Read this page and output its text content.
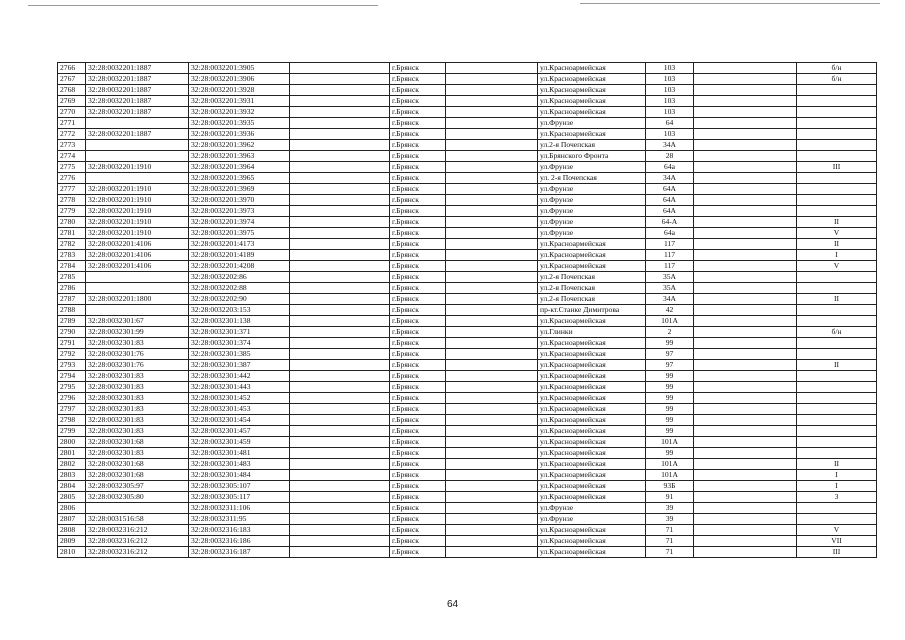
2766	32:28:0032201:1887	32:28:0032201:3905		г.Брянск		ул.Красноармейская	103		б/н
2767	32:28:0032201:1887	32:28:0032201:3906		г.Брянск		ул.Красноармейская	103		б/н
2768	32:28:0032201:1887	32:28:0032201:3928		г.Брянск		ул.Красноармейская	103		
2769	32:28:0032201:1887	32:28:0032201:3931		г.Брянск		ул.Красноармейская	103		
2770	32:28:0032201:1887	32:28:0032201:3932		г.Брянск		ул.Красноармейская	103		
2771		32:28:0032201:3935		г.Брянск		ул.Фрунзе	64		
2772	32:28:0032201:1887	32:28:0032201:3936		г.Брянск		ул.Красноармейская	103		
2773		32:28:0032201:3962		г.Брянск		ул.2-я Почепская	34А		
2774		32:28:0032201:3963		г.Брянск		ул.Брянского Фронта	28		
2775	32:28:0032201:1910	32:28:0032201:3964		г.Брянск		ул.Фрунзе	64а		III
2776		32:28:0032201:3965		г.Брянск		ул. 2-я Почепская	34А		
2777	32:28:0032201:1910	32:28:0032201:3969		г.Брянск		ул.Фрунзе	64А		
2778	32:28:0032201:1910	32:28:0032201:3970		г.Брянск		ул.Фрунзе	64А		
2779	32:28:0032201:1910	32:28:0032201:3973		г.Брянск		ул.Фрунзе	64А		
2780	32:28:0032201:1910	32:28:0032201:3974		г.Брянск		ул.Фрунзе	64-А		II
2781	32:28:0032201:1910	32:28:0032201:3975		г.Брянск		ул.Фрунзе	64а		V
2782	32:28:0032201:4106	32:28:0032201:4173		г.Брянск		ул.Красноармейская	117		II
2783	32:28:0032201:4106	32:28:0032201:4189		г.Брянск		ул.Красноармейская	117		I
2784	32:28:0032201:4106	32:28:0032201:4208		г.Брянск		ул.Красноармейская	117		V
2785		32:28:0032202:86		г.Брянск		ул.2-я Почепская	35А		
2786		32:28:0032202:88		г.Брянск		ул.2-я Почепская	35А		
2787	32:28:0032201:1800	32:28:0032202:90		г.Брянск		ул.2-я Почепская	34А		II
2788		32:28:0032203:153		г.Брянск		пр-кт.Станке Димитрова	42		
2789	32:28:0032301:67	32:28:0032301:138		г.Брянск		ул.Красноармейская	101А		
2790	32:28:0032301:99	32:28:0032301:371		г.Брянск		ул.Глинки	2		б/н
2791	32:28:0032301:83	32:28:0032301:374		г.Брянск		ул.Красноармейская	99		
2792	32:28:0032301:76	32:28:0032301:385		г.Брянск		ул.Красноармейская	97		
2793	32:28:0032301:76	32:28:0032301:387		г.Брянск		ул.Красноармейская	97		II
2794	32:28:0032301:83	32:28:0032301:442		г.Брянск		ул.Красноармейская	99		
2795	32:28:0032301:83	32:28:0032301:443		г.Брянск		ул.Красноармейская	99		
2796	32:28:0032301:83	32:28:0032301:452		г.Брянск		ул.Красноармейская	99		
2797	32:28:0032301:83	32:28:0032301:453		г.Брянск		ул.Красноармейская	99		
2798	32:28:0032301:83	32:28:0032301:454		г.Брянск		ул.Красноармейская	99		
2799	32:28:0032301:83	32:28:0032301:457		г.Брянск		ул.Красноармейская	99		
2800	32:28:0032301:68	32:28:0032301:459		г.Брянск		ул.Красноармейская	101А		
2801	32:28:0032301:83	32:28:0032301:481		г.Брянск		ул.Красноармейская	99		
2802	32:28:0032301:68	32:28:0032301:483		г.Брянск		ул.Красноармейская	101А		II
2803	32:28:0032301:68	32:28:0032301:484		г.Брянск		ул.Красноармейская	101А		I
2804	32:28:0032305:97	32:28:0032305:107		г.Брянск		ул.Красноармейская	93Б		I
2805	32:28:0032305:80	32:28:0032305:117		г.Брянск		ул.Красноармейская	91		3
2806		32:28:0032311:106		г.Брянск		ул.Фрунзе	39		
2807	32:28:0031516:58	32:28:0032311:95		г.Брянск		ул.Фрунзе	39		
2808	32:28:0032316:212	32:28:0032316:183		г.Брянск		ул.Красноармейская	71		V
2809	32:28:0032316:212	32:28:0032316:186		г.Брянск		ул.Красноармейская	71		VII
2810	32:28:0032316:212	32:28:0032316:187		г.Брянск		ул.Красноармейская	71		III
64
